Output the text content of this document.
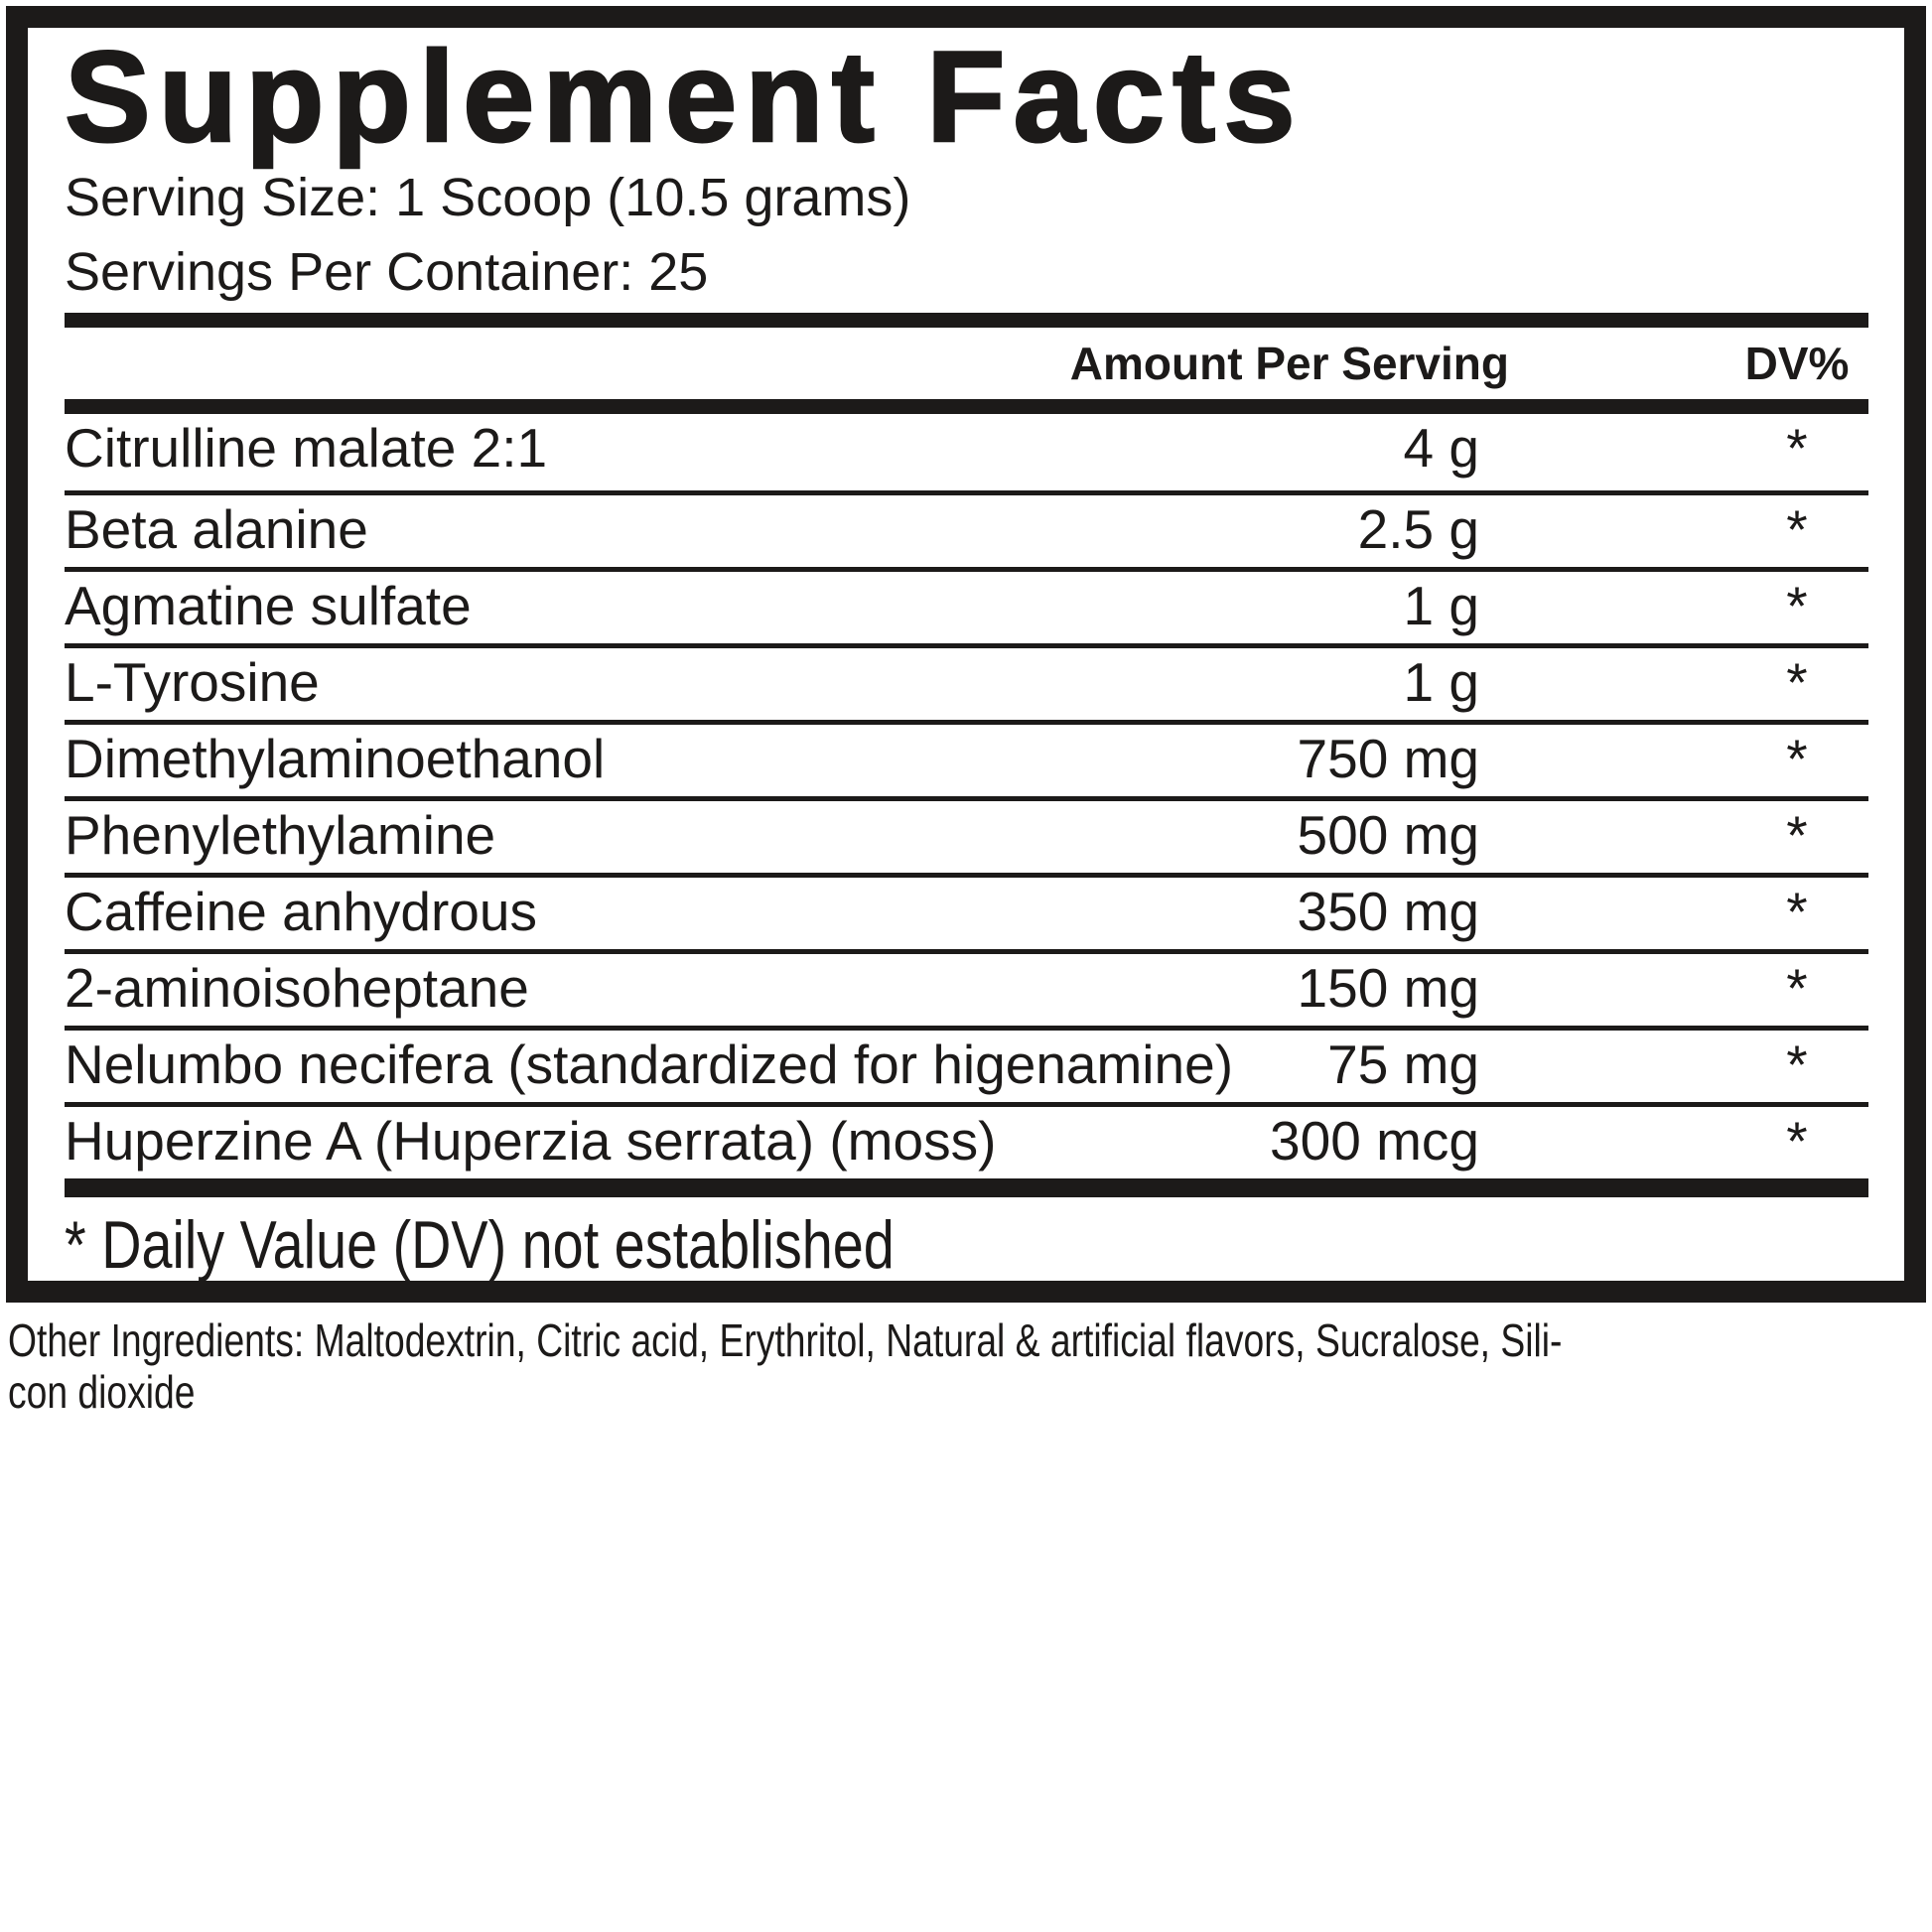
Supplement Facts
Serving Size: 1 Scoop (10.5 grams)
Servings Per Container: 25
Amount Per Serving	DV%
Citrulline malate 2:1	4 g	*
Beta alanine	2.5 g	*
Agmatine sulfate	1 g	*
L-Tyrosine	1 g	*
Dimethylaminoethanol	750 mg	*
Phenylethylamine	500 mg	*
Caffeine anhydrous	350 mg	*
2-aminoisoheptane	150 mg	*
Nelumbo necifera (standardized for higenamine) 75 mg	*
Huperzine A (Huperzia serrata) (moss)	300 mcg	*
* Daily Value (DV) not established
Other Ingredients: Maltodextrin, Citric acid, Erythritol, Natural & artificial flavors, Sucralose, Sili-
con dioxide
